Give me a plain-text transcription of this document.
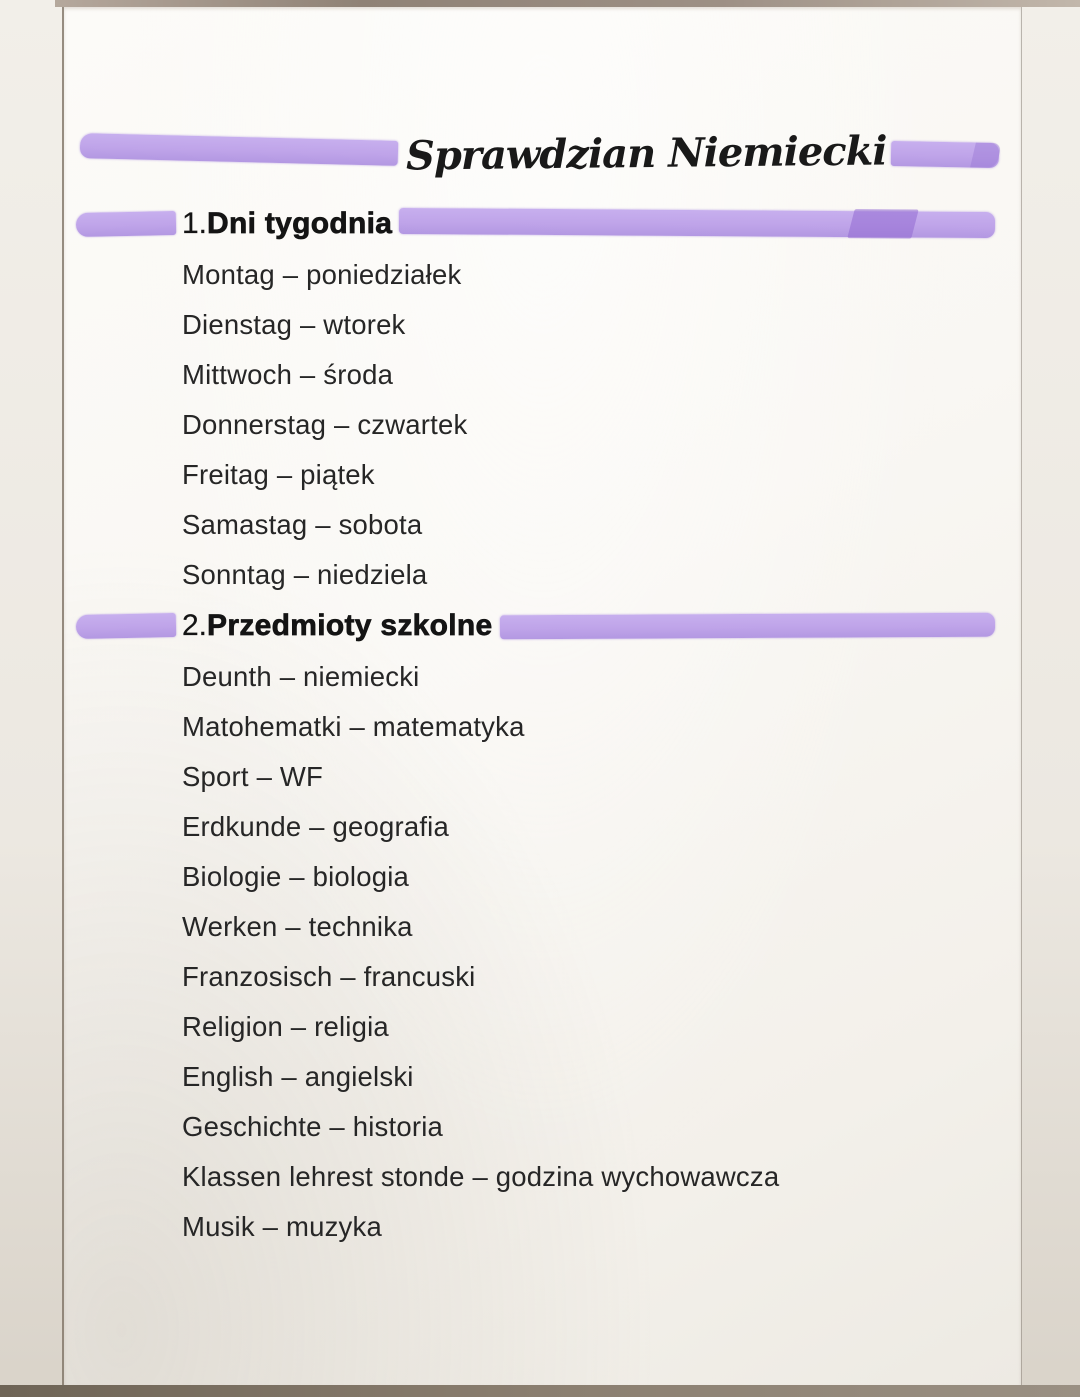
Sprawdzian Niemiecki
1.Dni tygodnia
Montag – poniedziałek
Dienstag – wtorek
Mittwoch – środa
Donnerstag – czwartek
Freitag – piątek
Samastag – sobota
Sonntag – niedziela
2.Przedmioty szkolne
Deunth – niemiecki
Matohematki – matematyka
Sport – WF
Erdkunde – geografia
Biologie – biologia
Werken – technika
Franzosisch – francuski
Religion – religia
English – angielski
Geschichte – historia
Klassen lehrest stonde – godzina wychowawcza
Musik – muzyka
